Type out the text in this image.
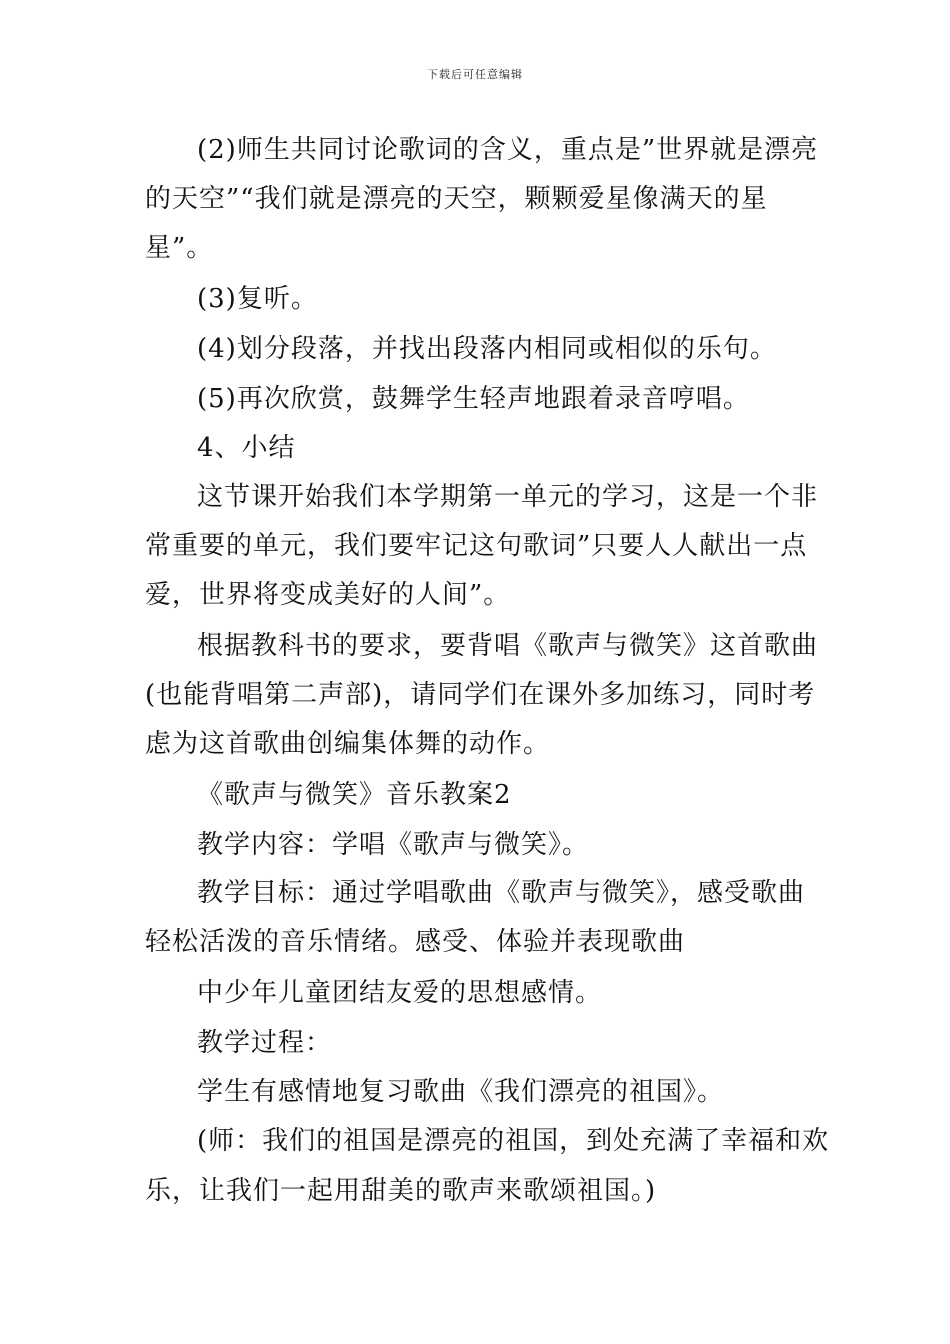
下载后可任意编辑
(2)师生共同讨论歌词的含义，重点是”世界就是漂亮
的天空”“我们就是漂亮的天空，颗颗爱星像满天的星
星”。
(3)复听。
(4)划分段落，并找出段落内相同或相似的乐句。
(5)再次欣赏，鼓舞学生轻声地跟着录音哼唱。
4、小结
这节课开始我们本学期第一单元的学习，这是一个非
常重要的单元，我们要牢记这句歌词”只要人人献出一点
爱，世界将变成美好的人间”。
根据教科书的要求，要背唱《歌声与微笑》这首歌曲
(也能背唱第二声部)，请同学们在课外多加练习，同时考
虑为这首歌曲创编集体舞的动作。
《歌声与微笑》音乐教案2
教学内容：学唱《歌声与微笑》。
教学目标：通过学唱歌曲《歌声与微笑》，感受歌曲
轻松活泼的音乐情绪。感受、体验并表现歌曲
中少年儿童团结友爱的思想感情。
教学过程：
学生有感情地复习歌曲《我们漂亮的祖国》。
(师：我们的祖国是漂亮的祖国，到处充满了幸福和欢
乐，让我们一起用甜美的歌声来歌颂祖国。)
